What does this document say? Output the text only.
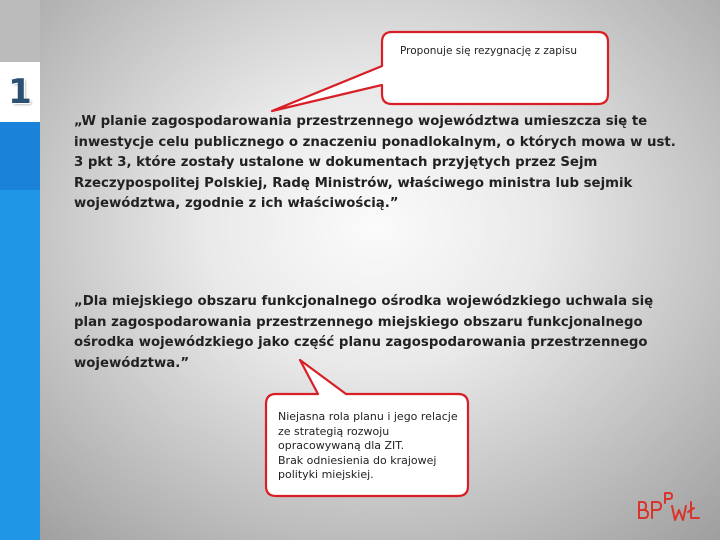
1

Proponuje się rezygnację z zapisu

Niejasna rola planu i jego relacje ze strategią rozwoju opracowywaną dla ZIT.
Brak odniesienia do krajowej polityki miejskiej.

„W planie zagospodarowania przestrzennego województwa umieszcza się te inwestycje celu publicznego o znaczeniu ponadlokalnym, o których mowa w ust. 3 pkt 3, które zostały ustalone w dokumentach przyjętych przez Sejm Rzeczypospolitej Polskiej, Radę Ministrów, właściwego ministra lub sejmik województwa, zgodnie z ich właściwością.”

„Dla miejskiego obszaru funkcjonalnego ośrodka wojewódzkiego uchwala się plan zagospodarowania przestrzennego miejskiego obszaru funkcjonalnego ośrodka wojewódzkiego jako część planu zagospodarowania przestrzennego województwa.”
